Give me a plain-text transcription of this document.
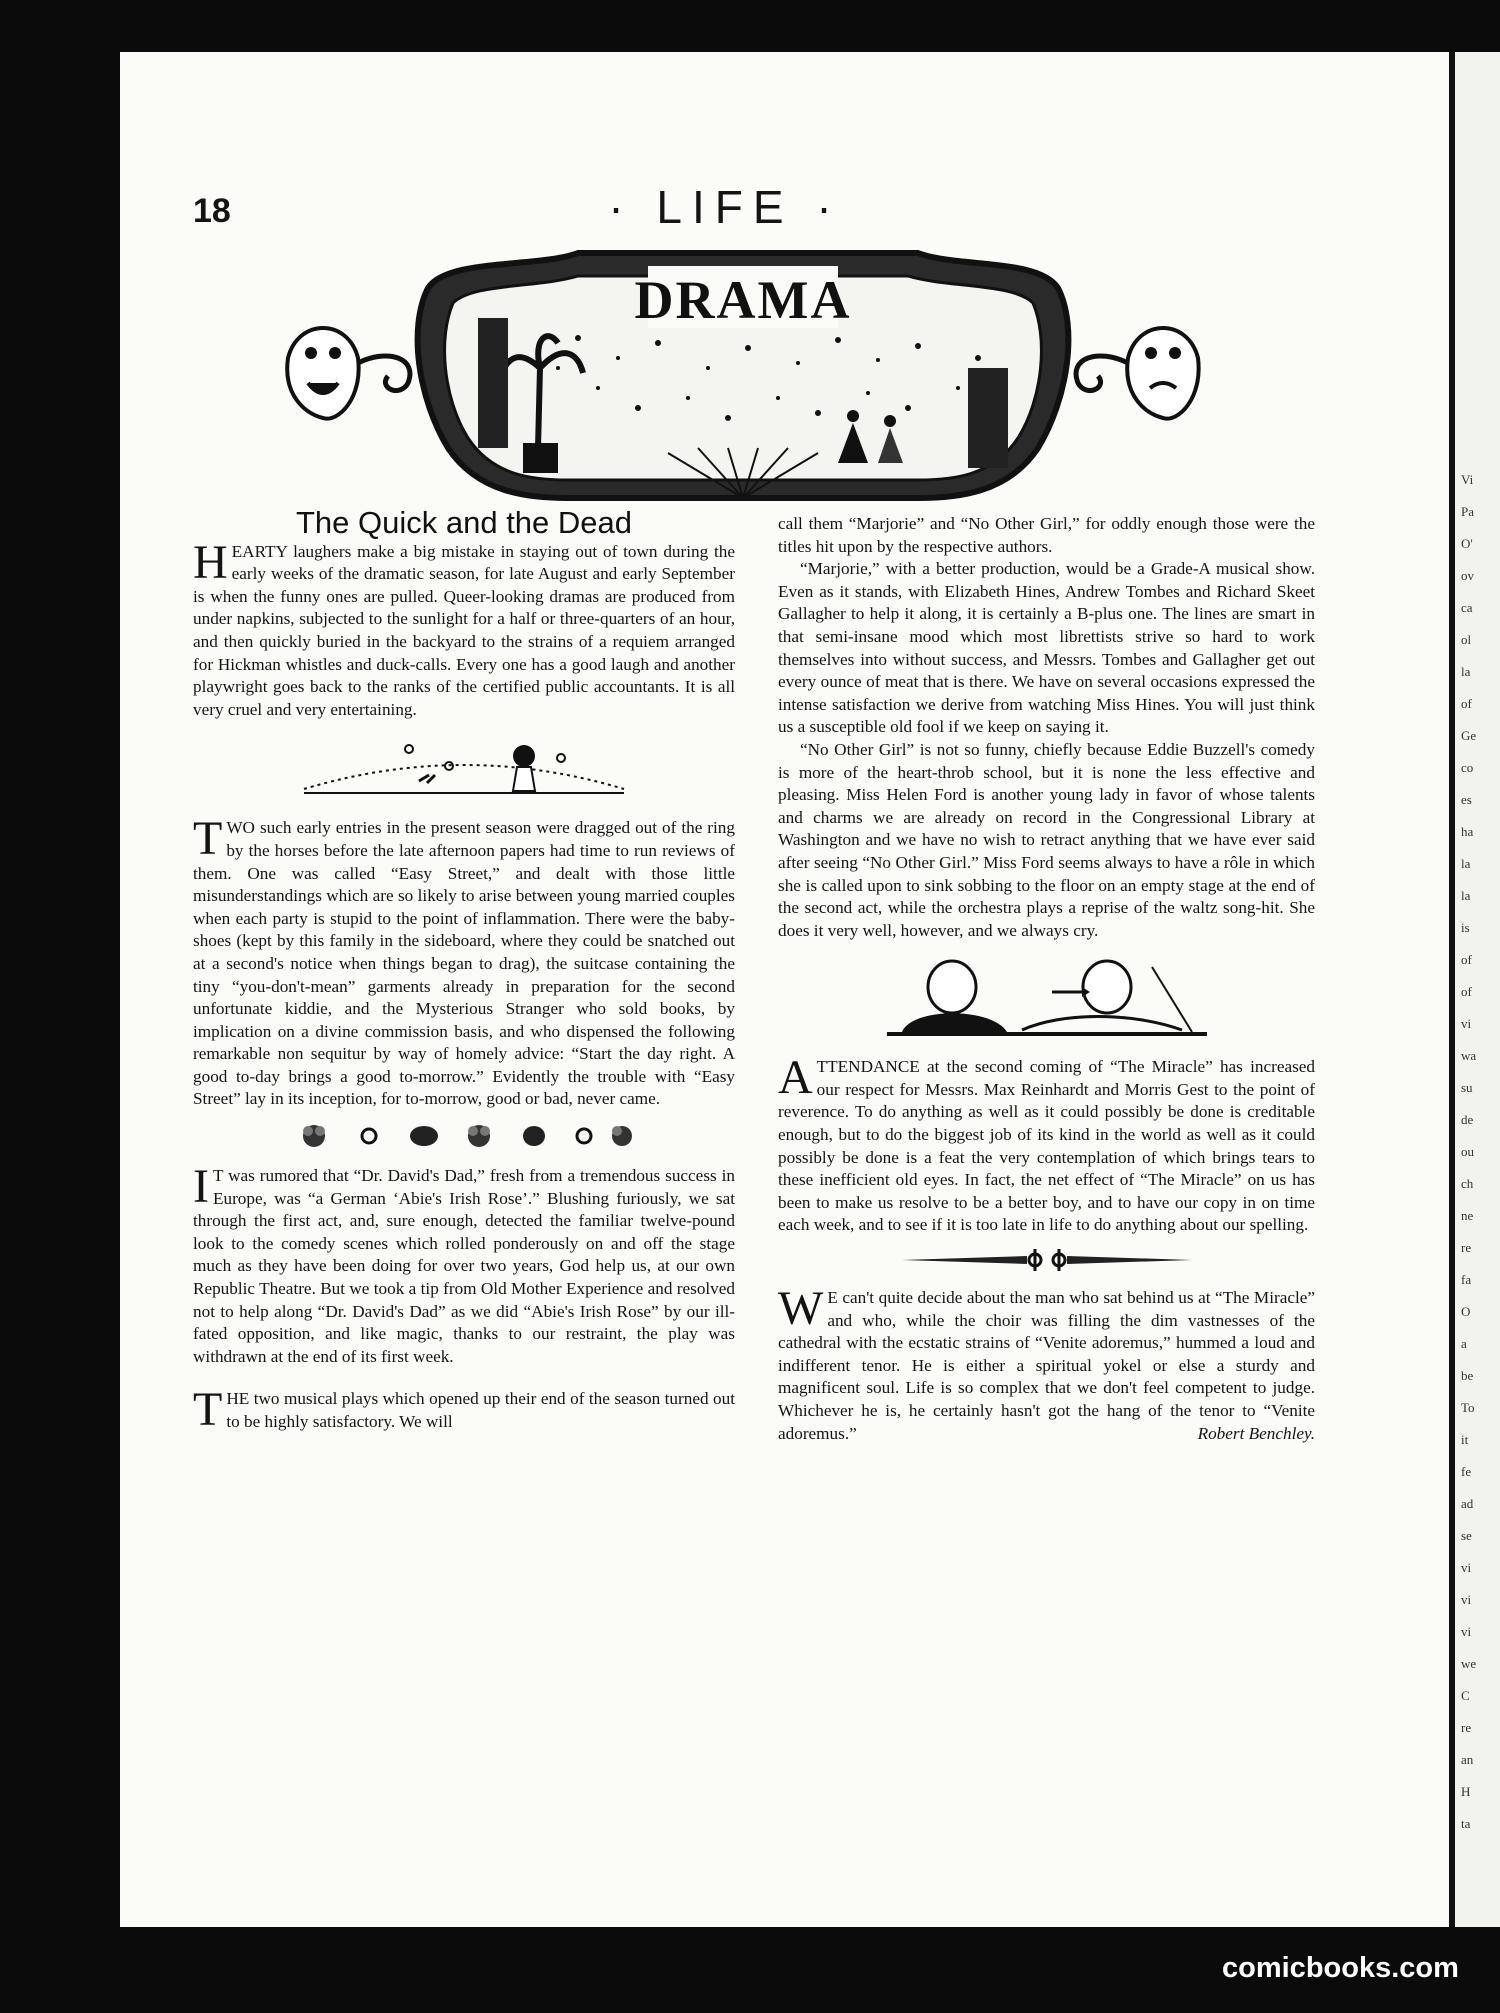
Vi
Pa
O'
ov
ca
ol
la
of
Ge
co
es
ha
la
la
is
of
of
vi
wa
su
de
ou
ch
ne
re
fa
O
a
be
To
it
fe
ad
se
vi
vi
vi
we
C
re
an
H
ta
18	· LIFE ·
DRAMA
The Quick and the Dead

HEARTY laughers make a big mistake in staying out of town during the early weeks of the dramatic season, for late August and early September is when the funny ones are pulled. Queer-looking dramas are produced from under napkins, subjected to the sunlight for a half or three-quarters of an hour, and then quickly buried in the backyard to the strains of a requiem arranged for Hickman whistles and duck-calls. Every one has a good laugh and another playwright goes back to the ranks of the certified public accountants. It is all very cruel and very entertaining.

TWO such early entries in the present season were dragged out of the ring by the horses before the late afternoon papers had time to run reviews of them. One was called “Easy Street,” and dealt with those little misunderstandings which are so likely to arise between young married couples when each party is stupid to the point of inflammation. There were the baby-shoes (kept by this family in the sideboard, where they could be snatched out at a second's notice when things began to drag), the suitcase containing the tiny “you-don't-mean” garments already in preparation for the second unfortunate kiddie, and the Mysterious Stranger who sold books, by implication on a divine commission basis, and who dispensed the following remarkable non sequitur by way of homely advice: “Start the day right. A good to-day brings a good to-morrow.” Evidently the trouble with “Easy Street” lay in its inception, for to-morrow, good or bad, never came.

I T was rumored that “Dr. David's Dad,” fresh from a tremendous success in Europe, was “a German ‘Abie's Irish Rose’.” Blushing furiously, we sat through the first act, and, sure enough, detected the familiar twelve-pound look to the comedy scenes which rolled ponderously on and off the stage much as they have been doing for over two years, God help us, at our own Republic Theatre. But we took a tip from Old Mother Experience and resolved not to help along “Dr. David's Dad” as we did “Abie's Irish Rose” by our ill-fated opposition, and like magic, thanks to our restraint, the play was withdrawn at the end of its first week.

THE two musical plays which opened up their end of the season turned out to be highly satisfactory. We will

call them “Marjorie” and “No Other Girl,” for oddly enough those were the titles hit upon by the respective authors.

“Marjorie,” with a better production, would be a Grade-A musical show. Even as it stands, with Elizabeth Hines, Andrew Tombes and Richard Skeet Gallagher to help it along, it is certainly a B-plus one. The lines are smart in that semi-insane mood which most librettists strive so hard to work themselves into without success, and Messrs. Tombes and Gallagher get out every ounce of meat that is there. We have on several occasions expressed the intense satisfaction we derive from watching Miss Hines. You will just think us a susceptible old fool if we keep on saying it.

“No Other Girl” is not so funny, chiefly because Eddie Buzzell's comedy is more of the heart-throb school, but it is none the less effective and pleasing. Miss Helen Ford is another young lady in favor of whose talents and charms we are already on record in the Congressional Library at Washington and we have no wish to retract anything that we have ever said after seeing “No Other Girl.” Miss Ford seems always to have a rôle in which she is called upon to sink sobbing to the floor on an empty stage at the end of the second act, while the orchestra plays a reprise of the waltz song-hit. She does it very well, however, and we always cry.

ATTENDANCE at the second coming of “The Miracle” has increased our respect for Messrs. Max Reinhardt and Morris Gest to the point of reverence. To do anything as well as it could possibly be done is creditable enough, but to do the biggest job of its kind in the world as well as it could possibly be done is a feat the very contemplation of which brings tears to these inefficient old eyes. In fact, the net effect of “The Miracle” on us has been to make us resolve to be a better boy, and to have our copy in on time each week, and to see if it is too late in life to do anything about our spelling.

W E can't quite decide about the man who sat behind us at “The Miracle” and who, while the choir was filling the dim vastnesses of the cathedral with the ecstatic strains of “Venite adoremus,” hummed a loud and indifferent tenor. He is either a spiritual yokel or else a sturdy and magnificent soul. Life is so complex that we don't feel competent to judge. Whichever he is, he certainly hasn't got the hang of the tenor to “Venite adoremus.”	Robert Benchley.

comicbooks.com
